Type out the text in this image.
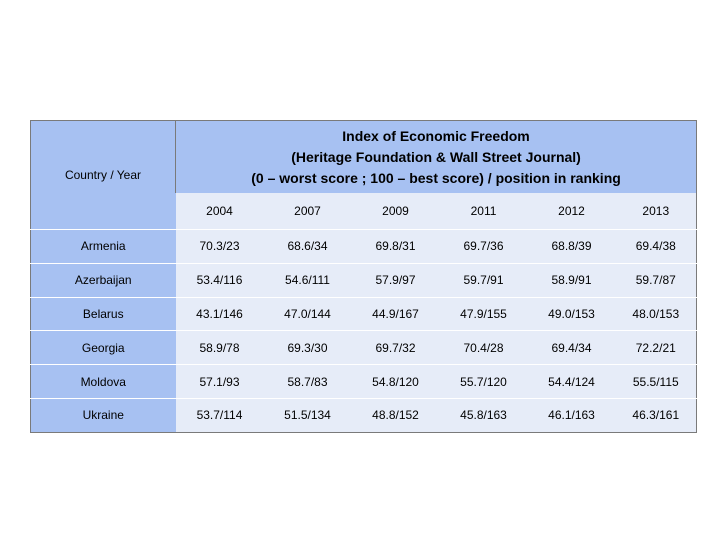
Country / Year	Index of Economic Freedom
(Heritage Foundation & Wall Street Journal)
(0 – worst score ; 100 – best score) / position in ranking					

	2004	2007	2009	2011	2012	2013
Armenia	70.3/23	68.6/34	69.8/31	69.7/36	68.8/39	69.4/38
Azerbaijan	53.4/116	54.6/111	57.9/97	59.7/91	58.9/91	59.7/87
Belarus	43.1/146	47.0/144	44.9/167	47.9/155	49.0/153	48.0/153
Georgia	58.9/78	69.3/30	69.7/32	70.4/28	69.4/34	72.2/21
Moldova	57.1/93	58.7/83	54.8/120	55.7/120	54.4/124	55.5/115
Ukraine	53.7/114	51.5/134	48.8/152	45.8/163	46.1/163	46.3/161
